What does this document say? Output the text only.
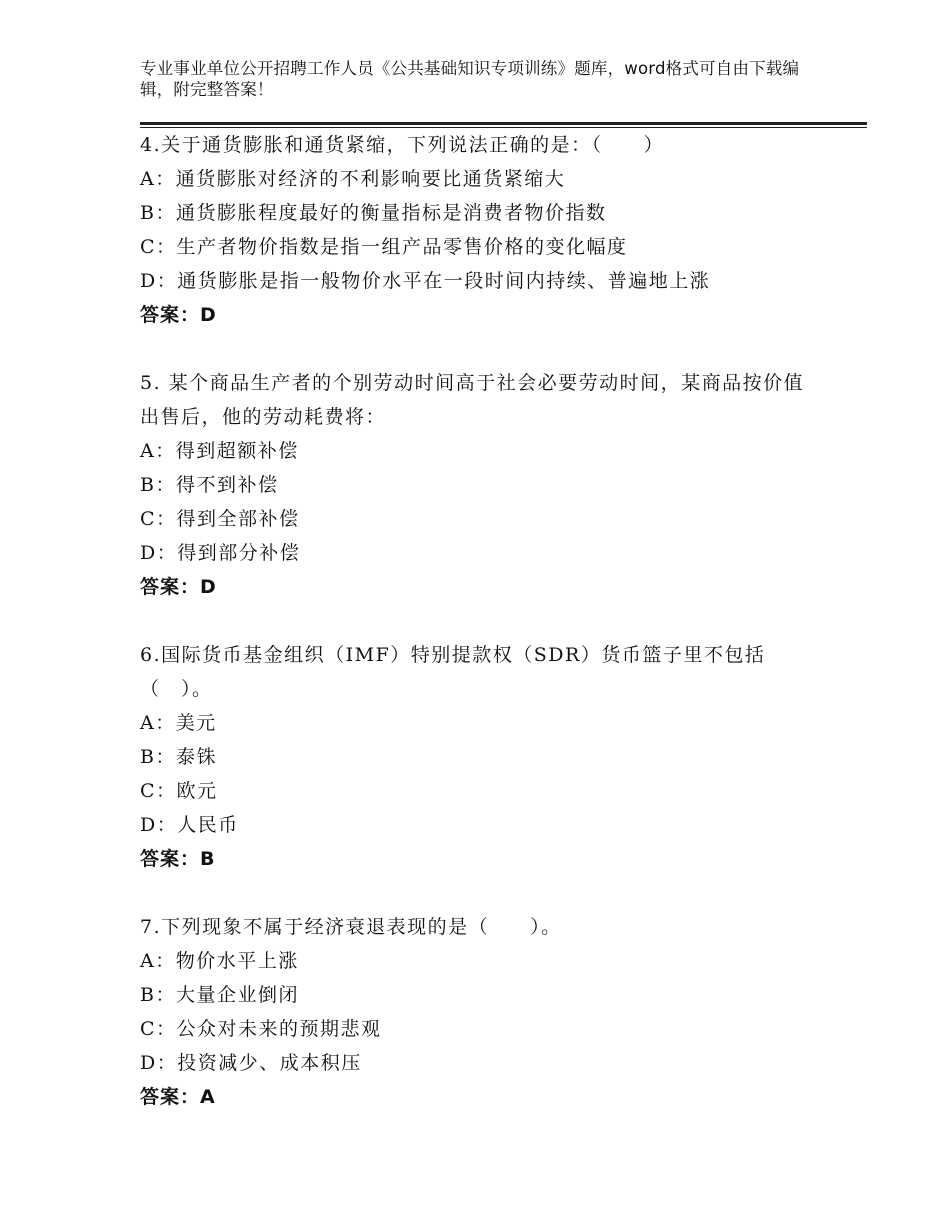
专业事业单位公开招聘工作人员《公共基础知识专项训练》题库，word格式可自由下载编辑，附完整答案！
4.关于通货膨胀和通货紧缩，下列说法正确的是：（　　）
A：通货膨胀对经济的不利影响要比通货紧缩大
B：通货膨胀程度最好的衡量指标是消费者物价指数
C：生产者物价指数是指一组产品零售价格的变化幅度
D：通货膨胀是指一般物价水平在一段时间内持续、普遍地上涨
答案：D
5. 某个商品生产者的个别劳动时间高于社会必要劳动时间，某商品按价值出售后，他的劳动耗费将：
A：得到超额补偿
B：得不到补偿
C：得到全部补偿
D：得到部分补偿
答案：D
6.国际货币基金组织（IMF）特别提款权（SDR）货币篮子里不包括（　）。
A：美元
B：泰铢
C：欧元
D：人民币
答案：B
7.下列现象不属于经济衰退表现的是（　　）。
A：物价水平上涨
B：大量企业倒闭
C：公众对未来的预期悲观
D：投资减少、成本积压
答案：A
